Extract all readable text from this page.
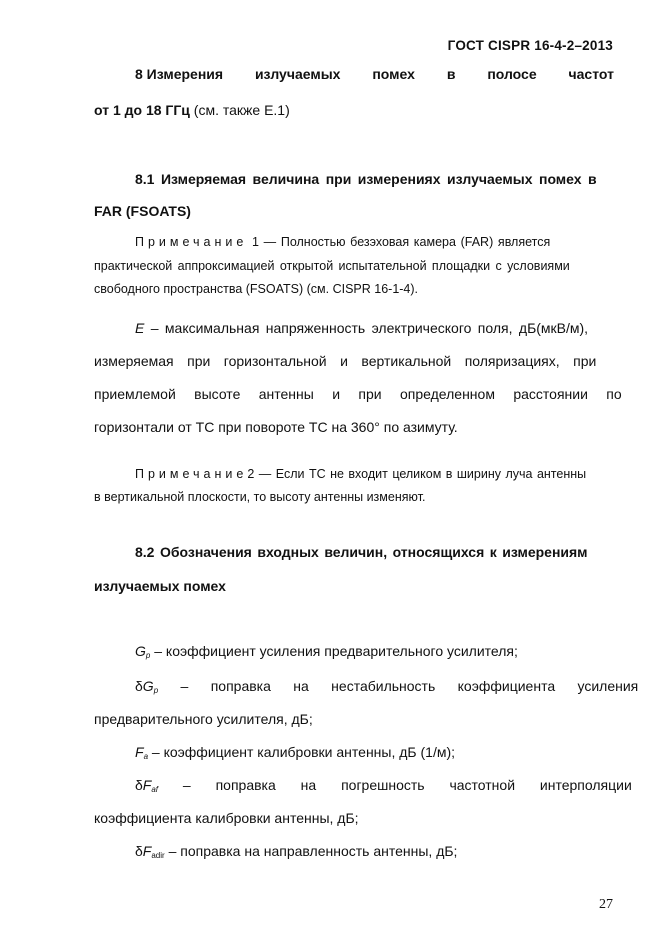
ГОСТ CISPR 16-4-2–2013
8 Измерения излучаемых помех в полосе частот
от 1 до 18 ГГц (см. также Е.1)
8.1 Измеряемая величина при измерениях излучаемых помех в
FAR (FSOATS)
Примечание 1 — Полностью безэховая камера (FAR) является
практической аппроксимацией открытой испытательной площадки с условиями
свободного пространства (FSOATS) (см. CISPR 16-1-4).
E – максимальная напряженность электрического поля, дБ(мкВ/м),
измеряемая при горизонтальной и вертикальной поляризациях, при
приемлемой высоте антенны и при определенном расстоянии по
горизонтали от ТС при повороте ТС на 360° по азимуту.
Примечание2 — Если ТС не входит целиком в ширину луча антенны
в вертикальной плоскости, то высоту антенны изменяют.
8.2 Обозначения входных величин, относящихся к измерениям
излучаемых помех
$G_p$ – коэффициент усиления предварительного усилителя;
$\delta G_p$ – поправка на нестабильность коэффициента усиления
предварительного усилителя, дБ;
$F_a$ – коэффициент калибровки антенны, дБ (1/м);
$\delta F_{af}$ – поправка на погрешность частотной интерполяции
коэффициента калибровки антенны, дБ;
$\delta F_{adir}$ – поправка на направленность антенны, дБ;
27
